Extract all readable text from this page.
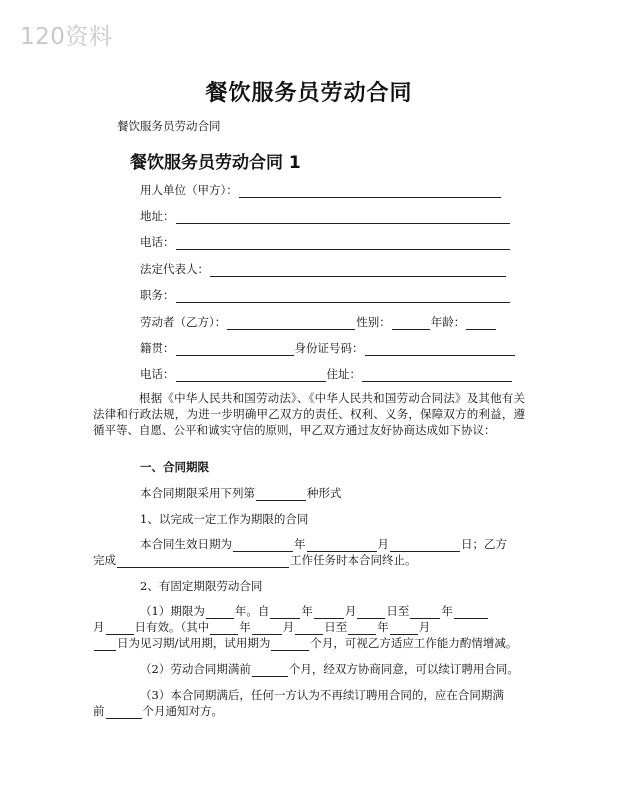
120资料
餐饮服务员劳动合同
餐饮服务员劳动合同
餐饮服务员劳动合同 1
用人单位（甲方）：
地址：
电话：
法定代表人：
职务：
劳动者（乙方）：	性别：	年龄：
籍贯：	身份证号码：
电话：	住址：
根据《中华人民共和国劳动法》、《中华人民共和国劳动合同法》及其他有关法律和行政法规，为进一步明确甲乙双方的责任、权利、义务，保障双方的利益，遵循平等、自愿、公平和诚实守信的原则，甲乙双方通过友好协商达成如下协议：
一、合同期限
本合同期限采用下列第	种形式
1、以完成一定工作为期限的合同
本合同生效日期为	年	月	日；乙方
完成	工作任务时本合同终止。
2、有固定期限劳动合同
（1）期限为	年。自	年	月	日至	年
月	日有效。（其中	年	月	日至	年	月
日为见习期/试用期，试用期为	个月，可视乙方适应工作能力酌情增减。
（2）劳动合同期满前	个月，经双方协商同意，可以续订聘用合同。
（3）本合同期满后，任何一方认为不再续订聘用合同的，应在合同期满
前	个月通知对方。
